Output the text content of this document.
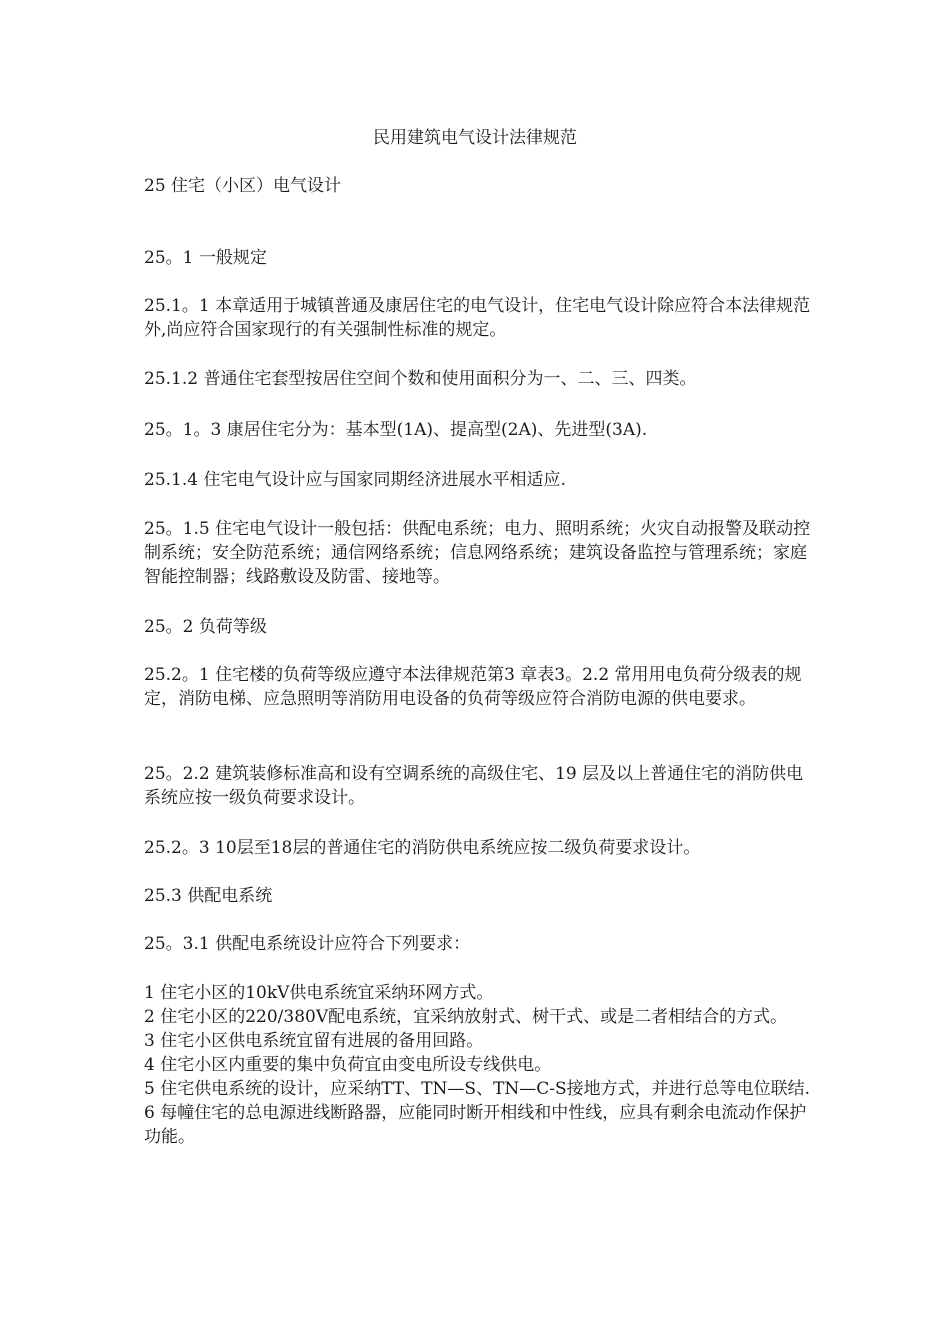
民用建筑电气设计法律规范

25 住宅（小区）电气设计

25。1 一般规定

25.1。1 本章适用于城镇普通及康居住宅的电气设计，住宅电气设计除应符合本法律规范外,尚应符合国家现行的有关强制性标准的规定。

25.1.2 普通住宅套型按居住空间个数和使用面积分为一、二、三、四类。

25。1。3 康居住宅分为：基本型(1A)、提高型(2A)、先进型(3A).

25.1.4 住宅电气设计应与国家同期经济进展水平相适应.

25。1.5 住宅电气设计一般包括：供配电系统；电力、照明系统；火灾自动报警及联动控制系统；安全防范系统；通信网络系统；信息网络系统；建筑设备监控与管理系统；家庭智能控制器；线路敷设及防雷、接地等。

25。2 负荷等级

25.2。1 住宅楼的负荷等级应遵守本法律规范第3 章表3。2.2 常用用电负荷分级表的规定，消防电梯、应急照明等消防用电设备的负荷等级应符合消防电源的供电要求。

25。2.2 建筑装修标准高和设有空调系统的高级住宅、19 层及以上普通住宅的消防供电系统应按一级负荷要求设计。

25.2。3 10层至18层的普通住宅的消防供电系统应按二级负荷要求设计。

25.3 供配电系统

25。3.1 供配电系统设计应符合下列要求：

1 住宅小区的10kV供电系统宜采纳环网方式。
2 住宅小区的220/380V配电系统，宜采纳放射式、树干式、或是二者相结合的方式。
3 住宅小区供电系统宜留有进展的备用回路。
4 住宅小区内重要的集中负荷宜由变电所设专线供电。
5 住宅供电系统的设计，应采纳TT、TN—S、TN—C-S接地方式，并进行总等电位联结.
6 每幢住宅的总电源进线断路器，应能同时断开相线和中性线，应具有剩余电流动作保护功能。
